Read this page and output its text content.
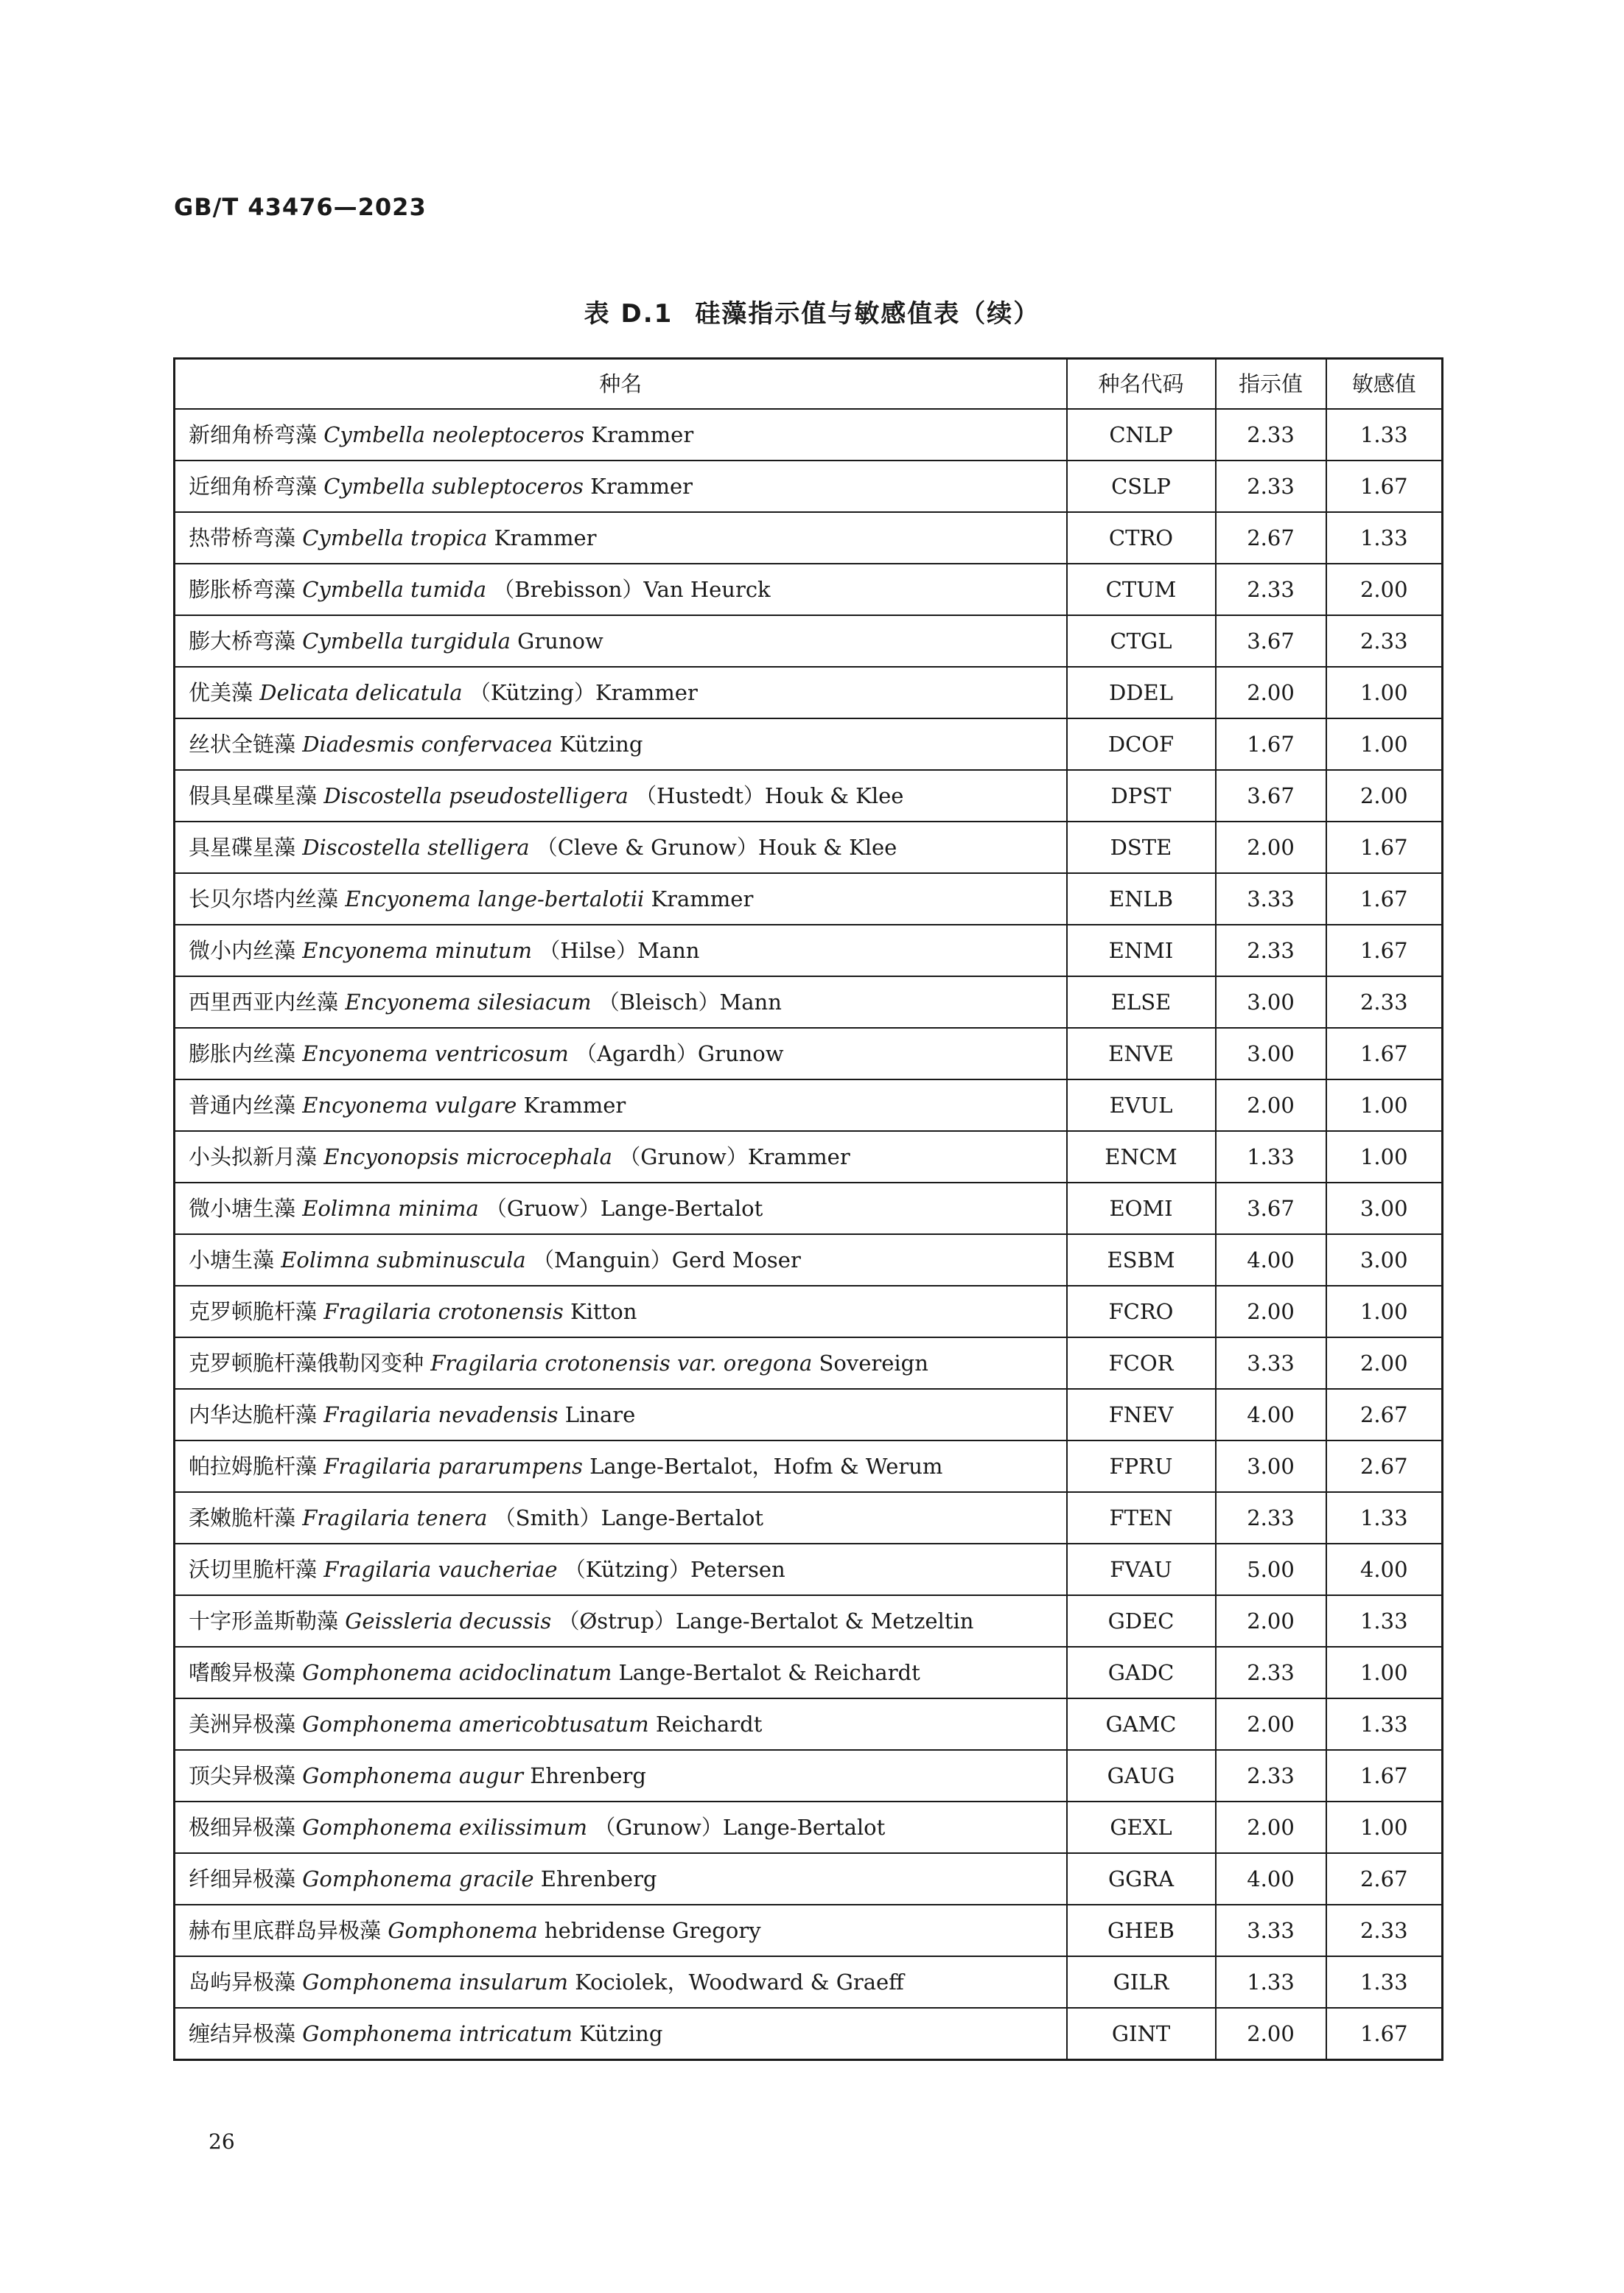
GB/T 43476—2023
表 D.1 硅藻指示值与敏感值表（续）
种名	种名代码	指示值	敏感值
新细角桥弯藻 Cymbella neoleptoceros Krammer	CNLP	2.33	1.33
近细角桥弯藻 Cymbella subleptoceros Krammer	CSLP	2.33	1.67
热带桥弯藻 Cymbella tropica Krammer	CTRO	2.67	1.33
膨胀桥弯藻 Cymbella tumida （Brebisson）Van Heurck	CTUM	2.33	2.00
膨大桥弯藻 Cymbella turgidula Grunow	CTGL	3.67	2.33
优美藻 Delicata delicatula （Kützing）Krammer	DDEL	2.00	1.00
丝状全链藻 Diadesmis confervacea Kützing	DCOF	1.67	1.00
假具星碟星藻 Discostella pseudostelligera （Hustedt）Houk & Klee	DPST	3.67	2.00
具星碟星藻 Discostella stelligera （Cleve & Grunow）Houk & Klee	DSTE	2.00	1.67
长贝尔塔内丝藻 Encyonema lange-bertalotii Krammer	ENLB	3.33	1.67
微小内丝藻 Encyonema minutum （Hilse）Mann	ENMI	2.33	1.67
西里西亚内丝藻 Encyonema silesiacum （Bleisch）Mann	ELSE	3.00	2.33
膨胀内丝藻 Encyonema ventricosum （Agardh）Grunow	ENVE	3.00	1.67
普通内丝藻 Encyonema vulgare Krammer	EVUL	2.00	1.00
小头拟新月藻 Encyonopsis microcephala （Grunow）Krammer	ENCM	1.33	1.00
微小塘生藻 Eolimna minima （Gruow）Lange-Bertalot	EOMI	3.67	3.00
小塘生藻 Eolimna subminuscula （Manguin）Gerd Moser	ESBM	4.00	3.00
克罗顿脆杆藻 Fragilaria crotonensis Kitton	FCRO	2.00	1.00
克罗顿脆杆藻俄勒冈变种 Fragilaria crotonensis var. oregona Sovereign	FCOR	3.33	2.00
内华达脆杆藻 Fragilaria nevadensis Linare	FNEV	4.00	2.67
帕拉姆脆杆藻 Fragilaria pararumpens Lange-Bertalot，Hofm & Werum	FPRU	3.00	2.67
柔嫩脆杆藻 Fragilaria tenera （Smith）Lange-Bertalot	FTEN	2.33	1.33
沃切里脆杆藻 Fragilaria vaucheriae （Kützing）Petersen	FVAU	5.00	4.00
十字形盖斯勒藻 Geissleria decussis （Østrup）Lange-Bertalot & Metzeltin	GDEC	2.00	1.33
嗜酸异极藻 Gomphonema acidoclinatum Lange-Bertalot & Reichardt	GADC	2.33	1.00
美洲异极藻 Gomphonema americobtusatum Reichardt	GAMC	2.00	1.33
顶尖异极藻 Gomphonema augur Ehrenberg	GAUG	2.33	1.67
极细异极藻 Gomphonema exilissimum （Grunow）Lange-Bertalot	GEXL	2.00	1.00
纤细异极藻 Gomphonema gracile Ehrenberg	GGRA	4.00	2.67
赫布里底群岛异极藻 Gomphonema hebridense Gregory	GHEB	3.33	2.33
岛屿异极藻 Gomphonema insularum Kociolek，Woodward & Graeff	GILR	1.33	1.33
缠结异极藻 Gomphonema intricatum Kützing	GINT	2.00	1.67
26
